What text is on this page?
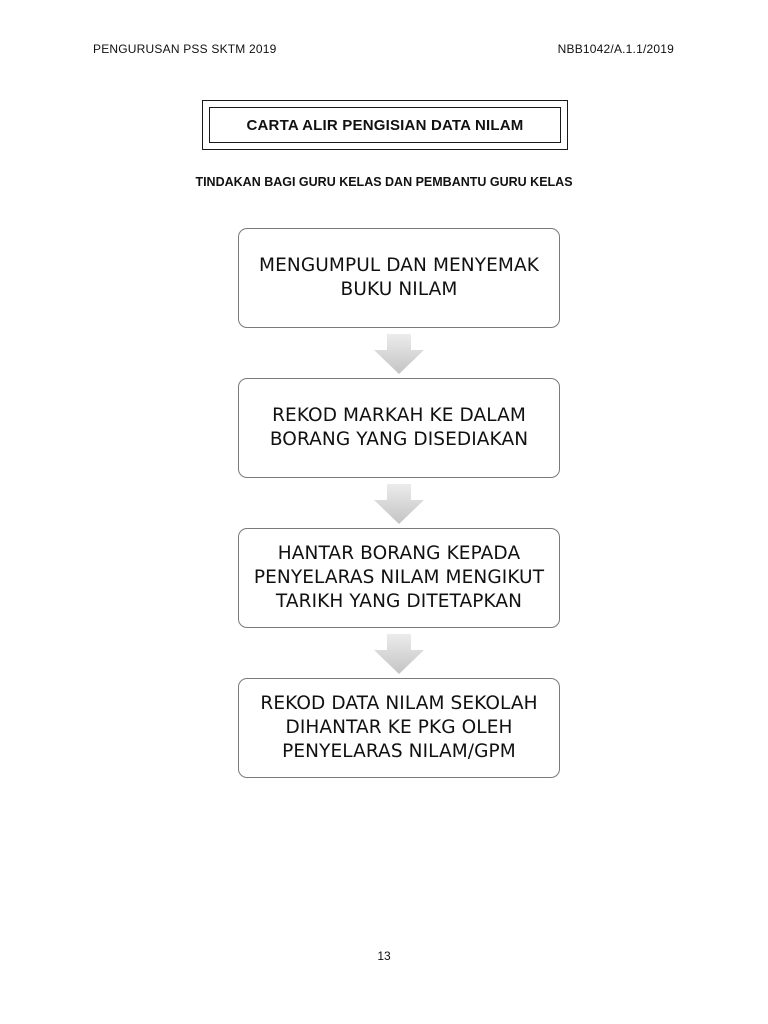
PENGURUSAN PSS SKTM 2019	NBB1042/A.1.1/2019
CARTA ALIR PENGISIAN DATA NILAM
TINDAKAN BAGI GURU KELAS DAN PEMBANTU GURU KELAS
MENGUMPUL DAN MENYEMAK
BUKU NILAM
REKOD MARKAH KE DALAM
BORANG YANG DISEDIAKAN
HANTAR BORANG KEPADA
PENYELARAS NILAM MENGIKUT
TARIKH YANG DITETAPKAN
REKOD DATA NILAM SEKOLAH
DIHANTAR KE PKG OLEH
PENYELARAS NILAM/GPM
13
